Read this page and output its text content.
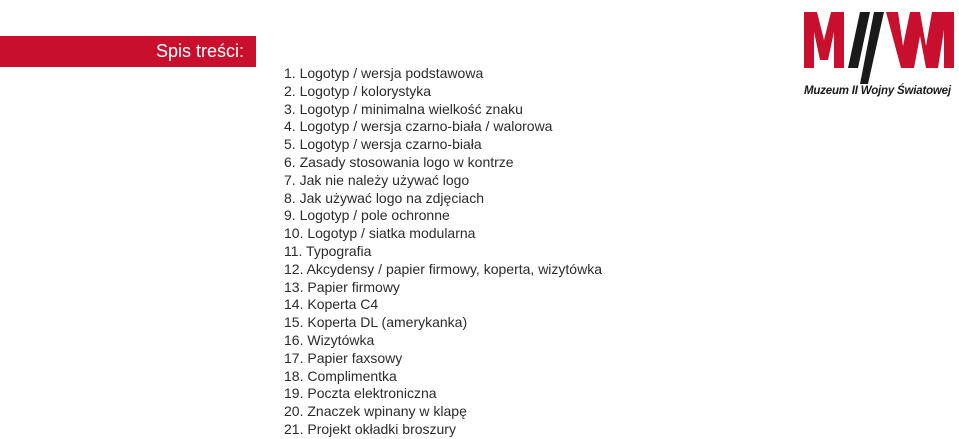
Spis treści:
1. Logotyp / wersja podstawowa
2. Logotyp / kolorystyka
3. Logotyp / minimalna wielkość znaku
4. Logotyp / wersja czarno-biała / walorowa
5. Logotyp / wersja czarno-biała
6. Zasady stosowania logo w kontrze
7. Jak nie należy używać logo
8. Jak używać logo na zdjęciach
9. Logotyp / pole ochronne
10. Logotyp / siatka modularna
11. Typografia
12. Akcydensy / papier firmowy, koperta, wizytówka
13. Papier firmowy
14. Koperta C4
15. Koperta DL (amerykanka)
16. Wizytówka
17. Papier faxsowy
18. Complimentka
19. Poczta elektroniczna
20. Znaczek wpinany w klapę
21. Projekt okładki broszury
Muzeum II Wojny Światowej
